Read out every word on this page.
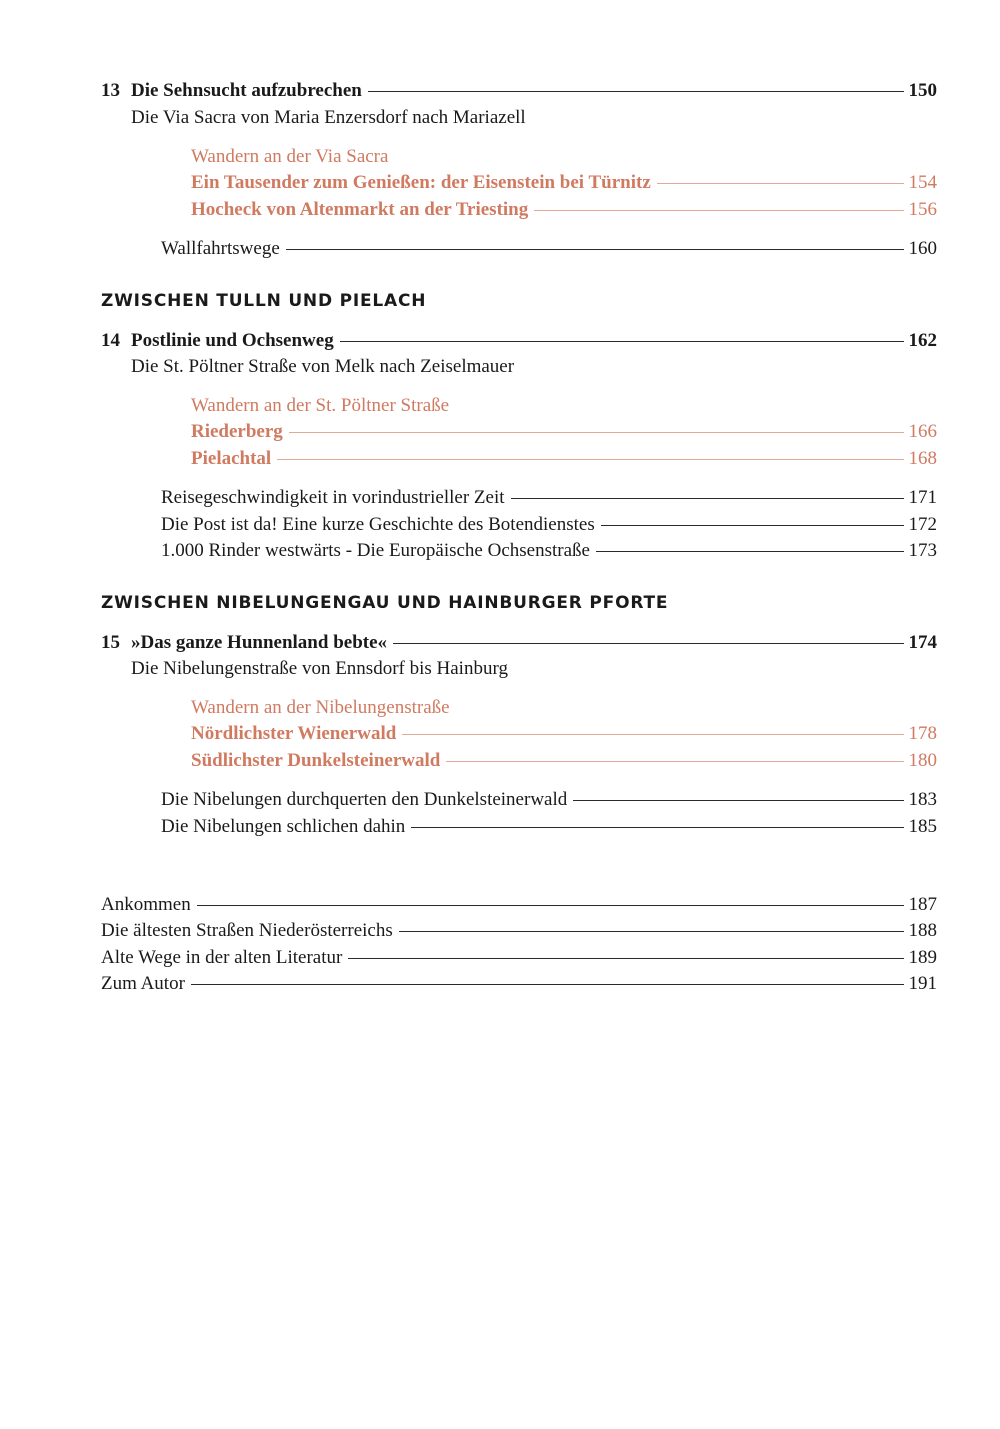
13 Die Sehnsucht aufzubrechen	150
Die Via Sacra von Maria Enzersdorf nach Mariazell
Wandern an der Via Sacra
Ein Tausender zum Genießen: der Eisenstein bei Türnitz	154
Hocheck von Altenmarkt an der Triesting	156
Wallfahrtswege	160
ZWISCHEN TULLN UND PIELACH
14 Postlinie und Ochsenweg	162
Die St. Pöltner Straße von Melk nach Zeiselmauer
Wandern an der St. Pöltner Straße
Riederberg	166
Pielachtal	168
Reisegeschwindigkeit in vorindustrieller Zeit	171
Die Post ist da! Eine kurze Geschichte des Botendienstes	172
1.000 Rinder westwärts - Die Europäische Ochsenstraße	173
ZWISCHEN NIBELUNGENGAU UND HAINBURGER PFORTE
15 »Das ganze Hunnenland bebte«	174
Die Nibelungenstraße von Ennsdorf bis Hainburg
Wandern an der Nibelungenstraße
Nördlichster Wienerwald	178
Südlichster Dunkelsteinerwald	180
Die Nibelungen durchquerten den Dunkelsteinerwald	183
Die Nibelungen schlichen dahin	185
Ankommen	187
Die ältesten Straßen Niederösterreichs	188
Alte Wege in der alten Literatur	189
Zum Autor	191
